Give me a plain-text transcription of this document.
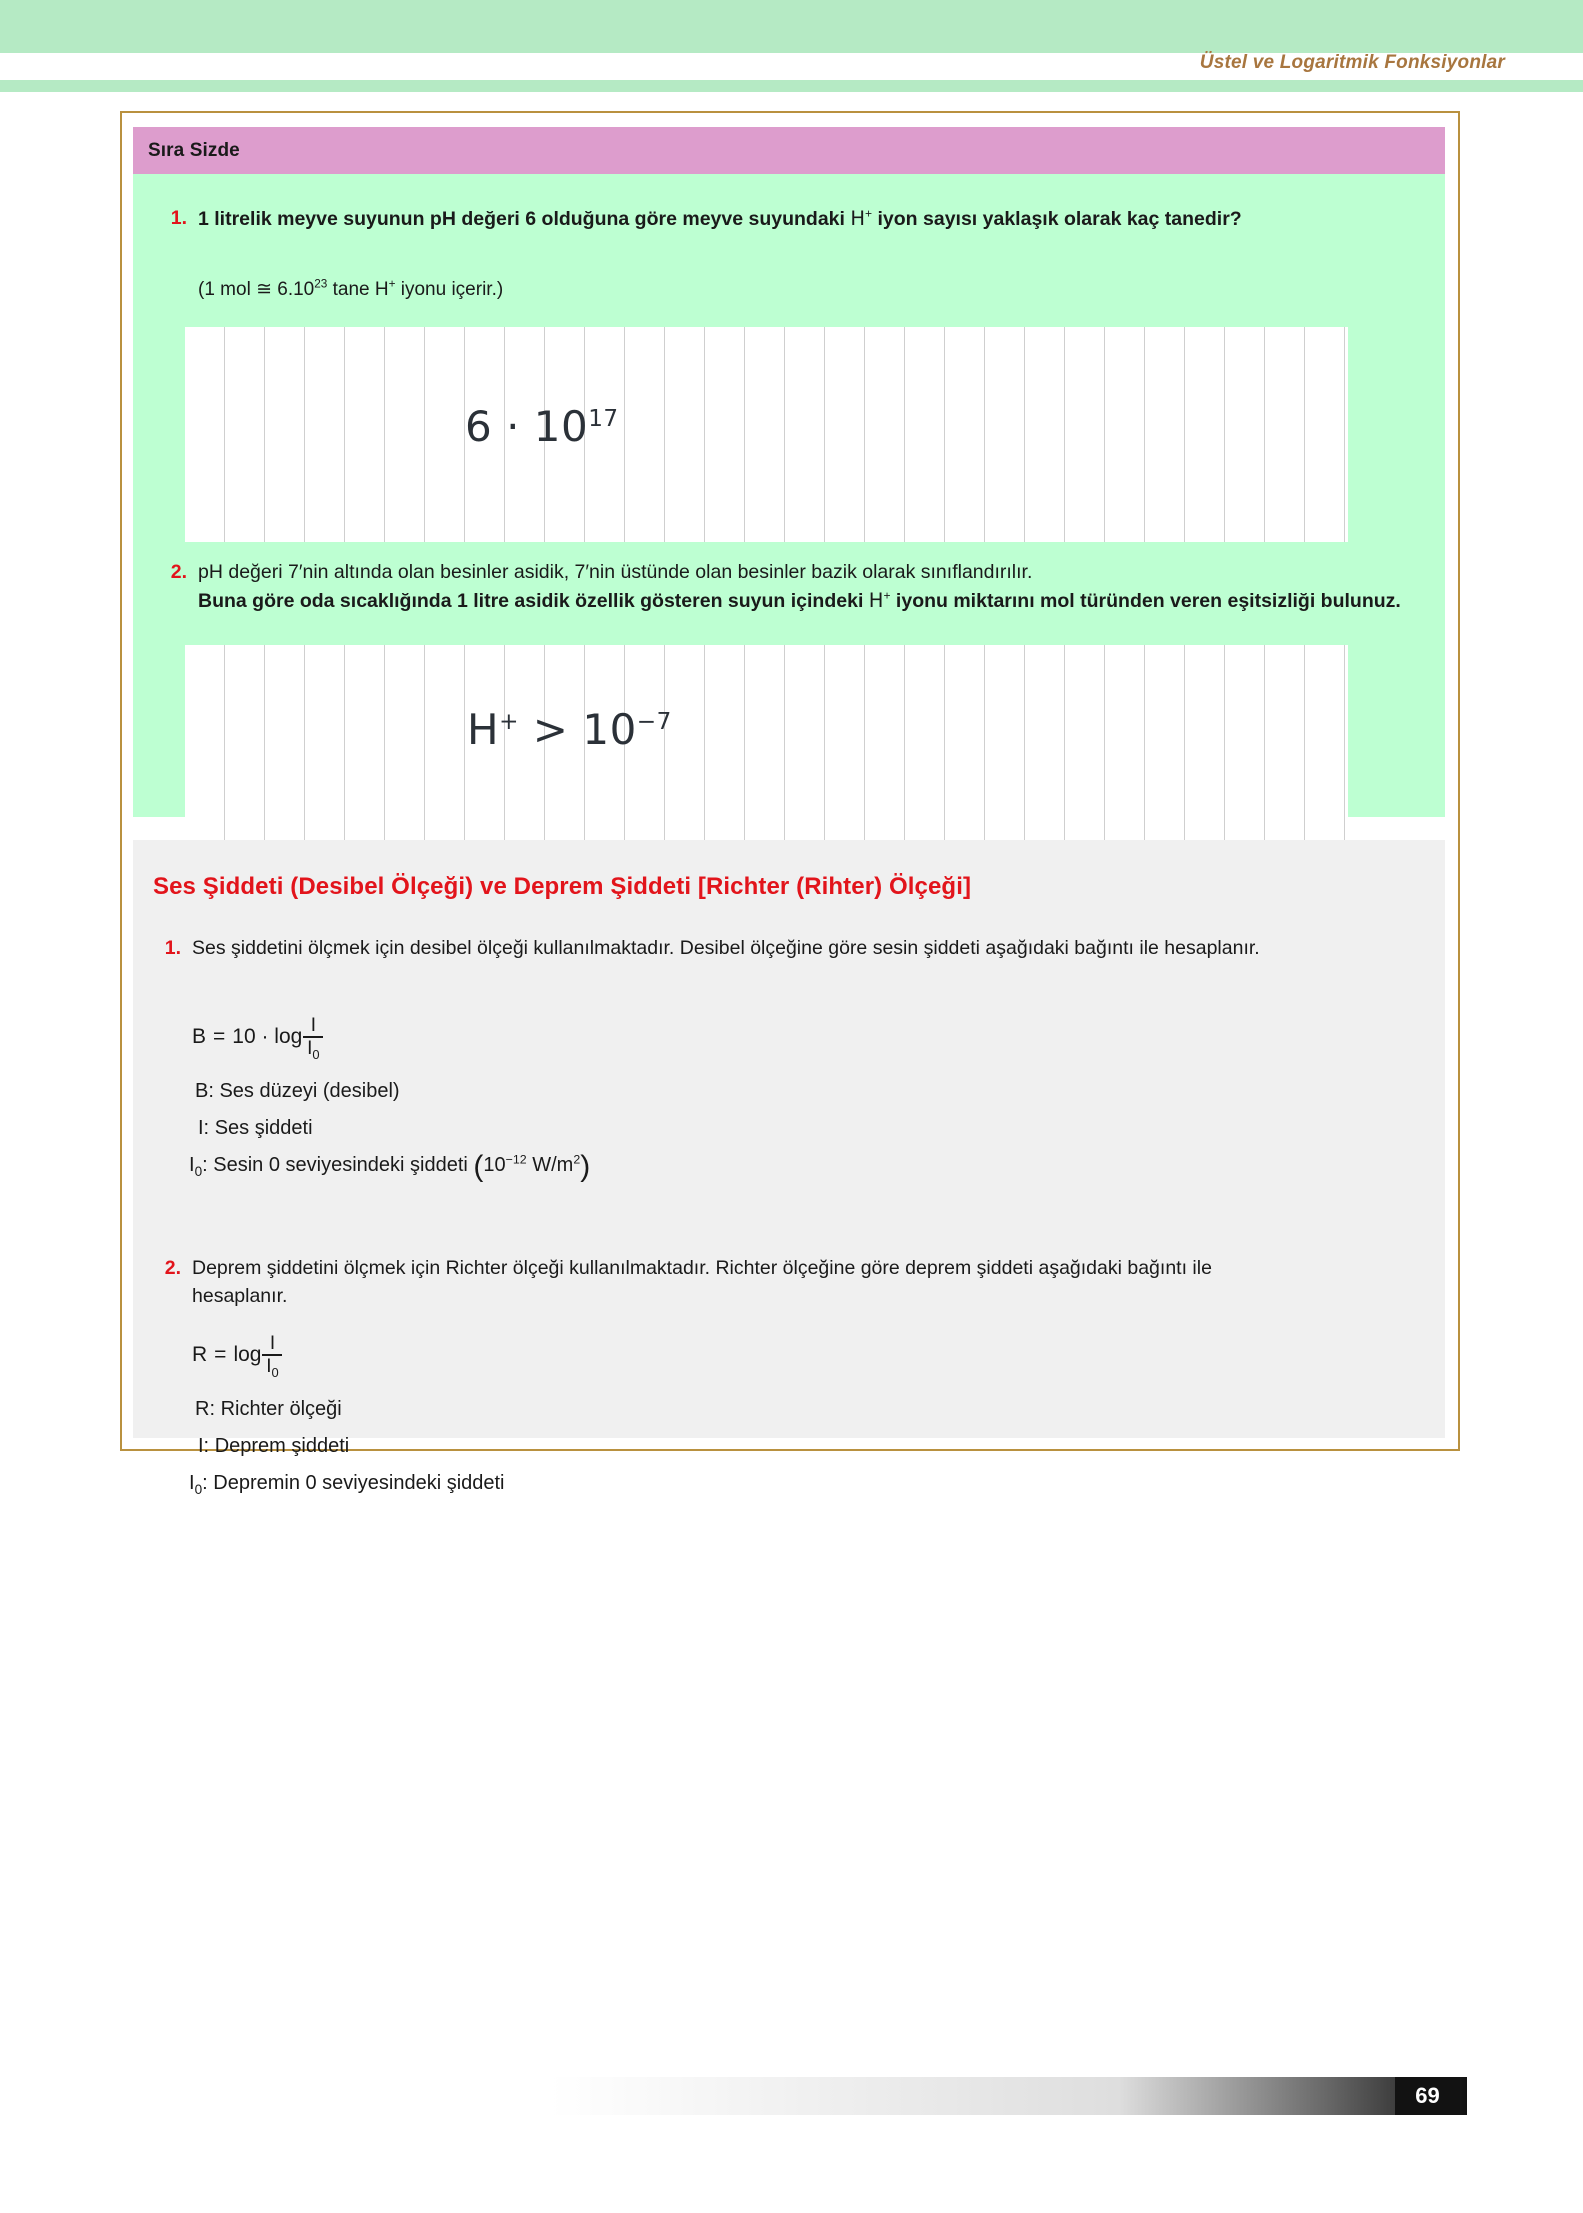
Üstel ve Logaritmik Fonksiyonlar
Sıra Sizde
1. 1 litrelik meyve suyunun pH değeri 6 olduğuna göre meyve suyundaki H+ iyon sayısı yaklaşık olarak kaç tanedir?
(1 mol ≅ 6.10$^{23}$ tane H+ iyonu içerir.)
$6 \cdot 10^{17}$
2. pH değeri 7′nin altında olan besinler asidik, 7′nin üstünde olan besinler bazik olarak sınıflandırılır.
Buna göre oda sıcaklığında 1 litre asidik özellik gösteren suyun içindeki H+ iyonu miktarını mol türünden veren eşitsizliği bulunuz.
$H^+ > 10^{-7}$
Ses Şiddeti (Desibel Ölçeği) ve Deprem Şiddeti [Richter (Rihter) Ölçeği]
1. Ses şiddetini ölçmek için desibel ölçeği kullanılmaktadır. Desibel ölçeğine göre sesin şiddeti aşağıdaki bağıntı ile hesaplanır.
$B = 10 \cdot \log \frac{I}{I_0}$
B: Ses düzeyi (desibel)
I: Ses şiddeti
$I_0$: Sesin 0 seviyesindeki şiddeti ($10^{-12}$ $W/m^2$)
2. Deprem şiddetini ölçmek için Richter ölçeği kullanılmaktadır. Richter ölçeğine göre deprem şiddeti aşağıdaki bağıntı ile hesaplanır.
$R = \log \frac{I}{I_0}$
R: Richter ölçeği
I: Deprem şiddeti
$I_0$: Depremin 0 seviyesindeki şiddeti
69
